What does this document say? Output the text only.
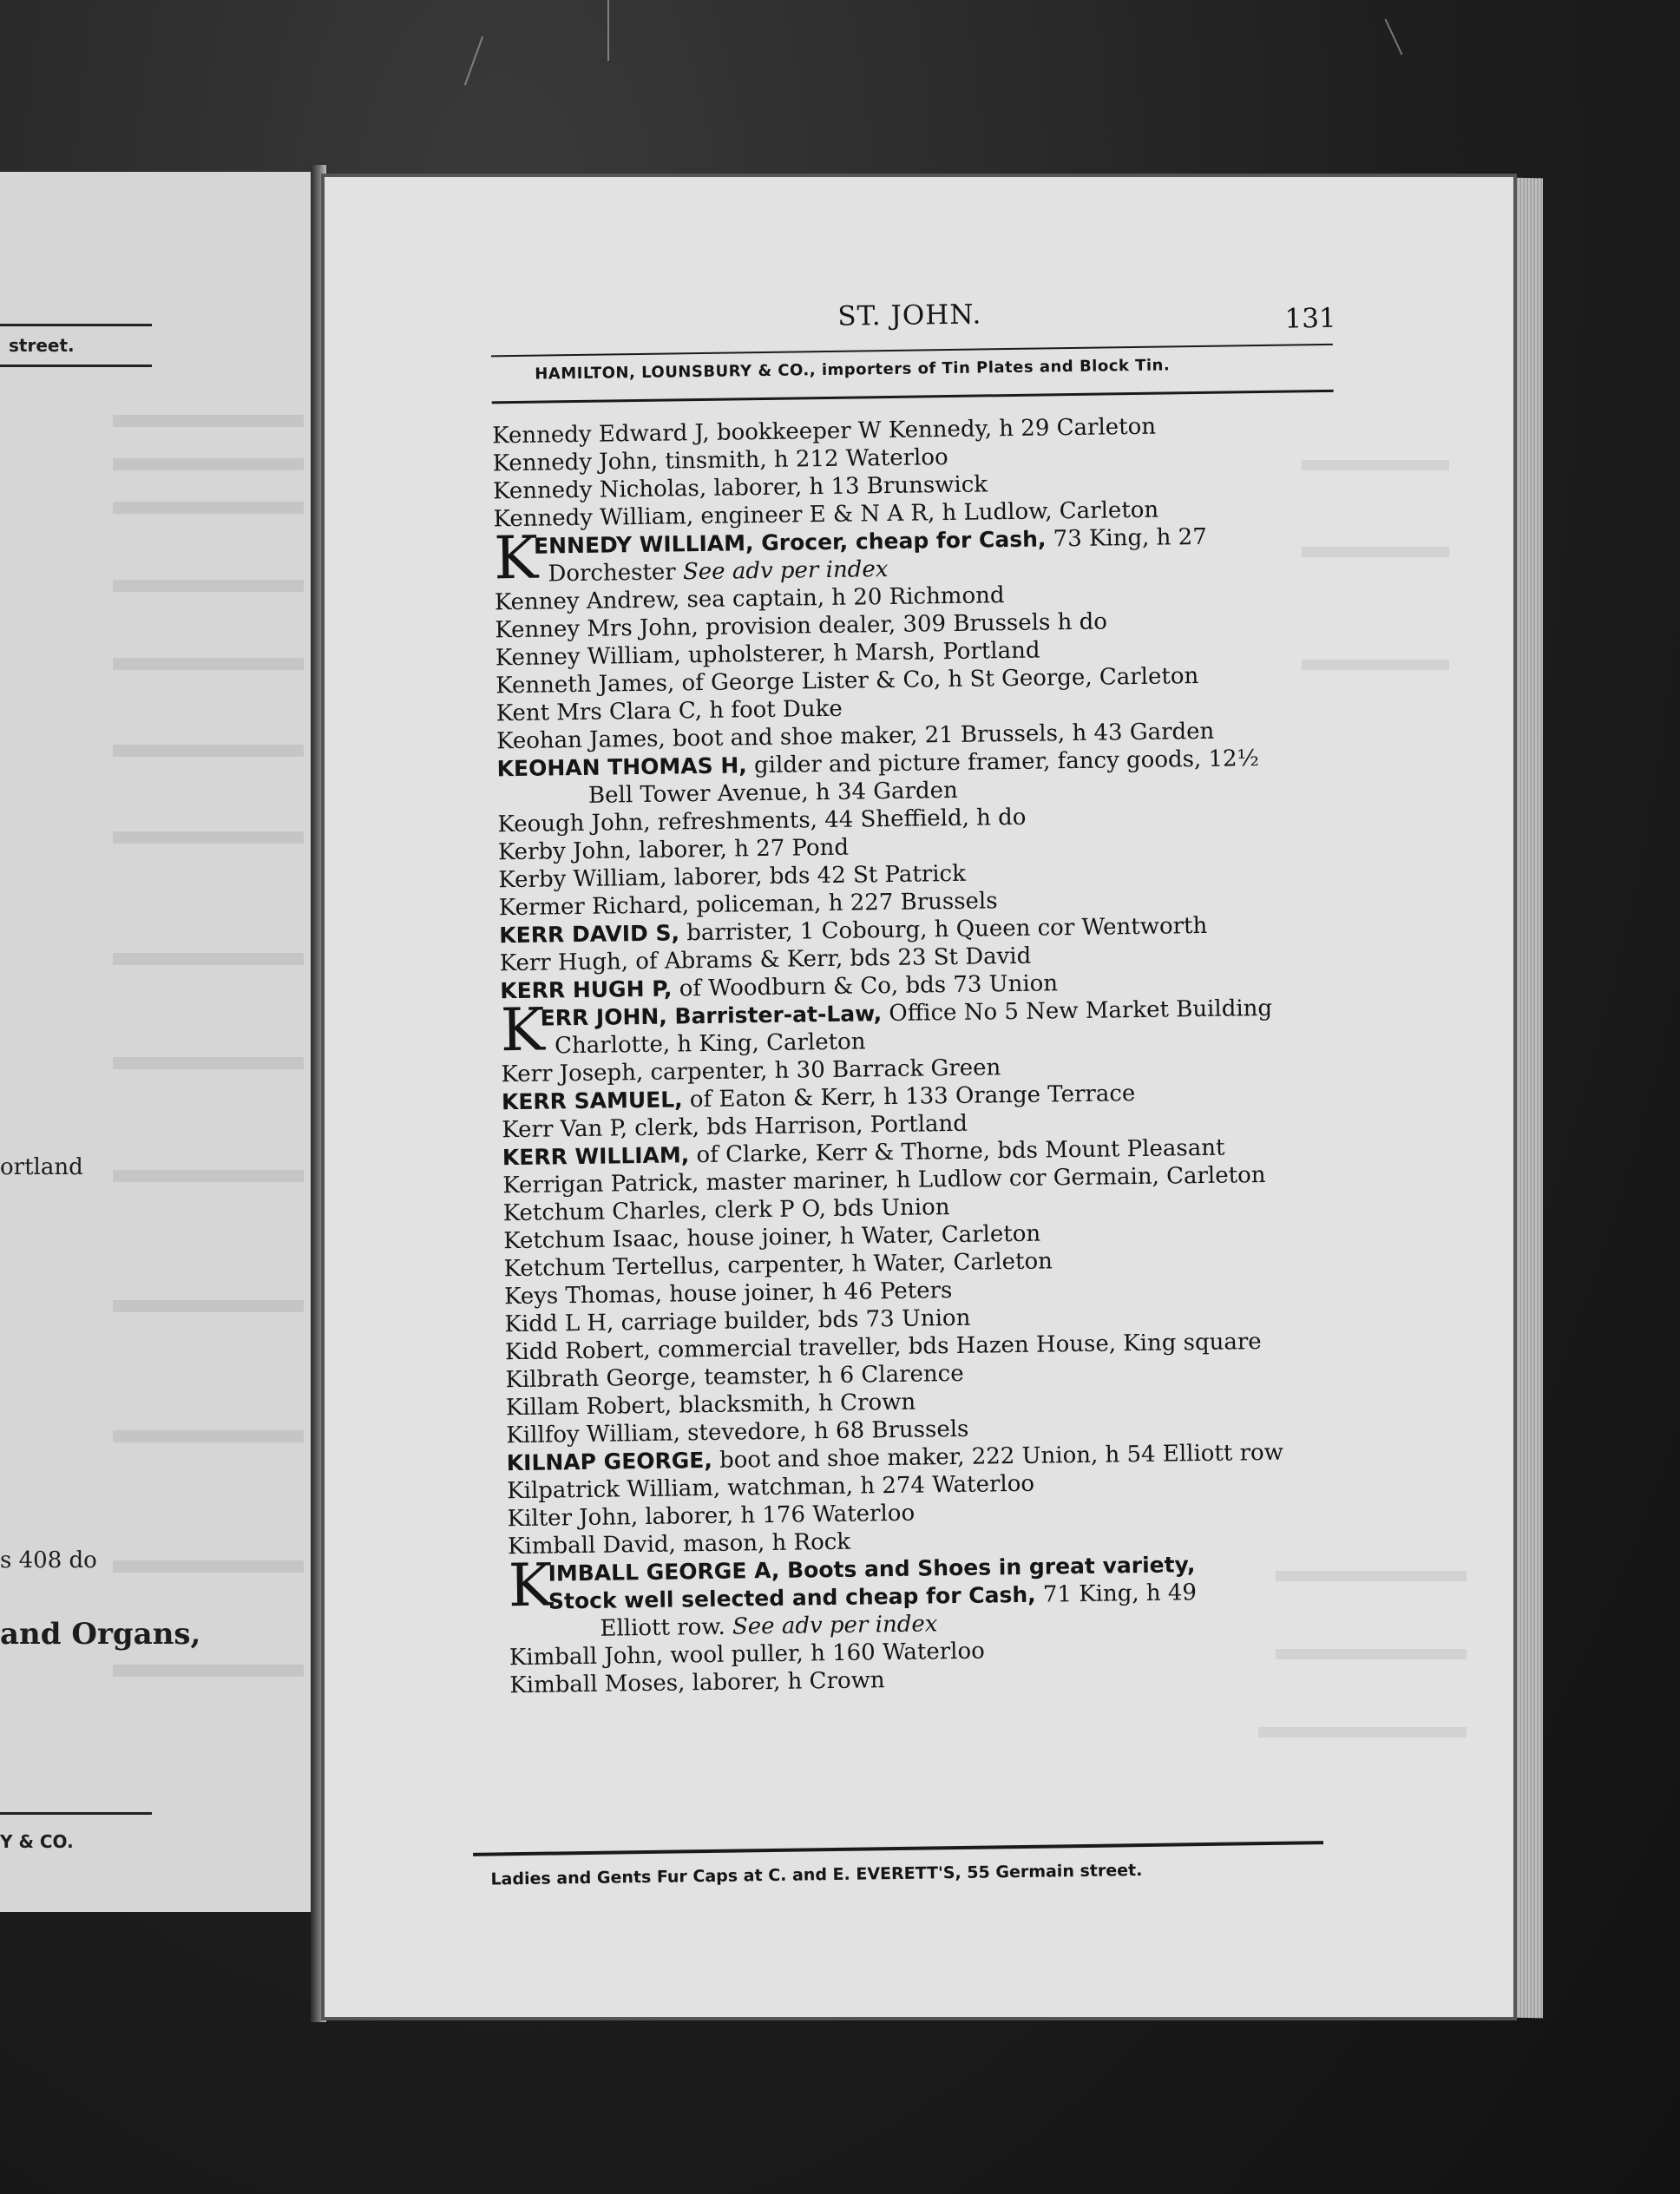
street.
ortland
s 408 do
and Organs,
Y & CO.
ST. JOHN.	131
HAMILTON, LOUNSBURY & CO., importers of Tin Plates and Block Tin.
Kennedy Edward J, bookkeeper W Kennedy, h 29 Carleton
Kennedy John, tinsmith, h 212 Waterloo
Kennedy Nicholas, laborer, h 13 Brunswick
Kennedy William, engineer E & N A R, h Ludlow, Carleton
K
ENNEDY WILLIAM, Grocer, cheap for Cash, 73 King, h 27
Dorchester See adv per index
Kenney Andrew, sea captain, h 20 Richmond
Kenney Mrs John, provision dealer, 309 Brussels h do
Kenney William, upholsterer, h Marsh, Portland
Kenneth James, of George Lister & Co, h St George, Carleton
Kent Mrs Clara C, h foot Duke
Keohan James, boot and shoe maker, 21 Brussels, h 43 Garden
KEOHAN THOMAS H, gilder and picture framer, fancy goods, 12½
Bell Tower Avenue, h 34 Garden
Keough John, refreshments, 44 Sheffield, h do
Kerby John, laborer, h 27 Pond
Kerby William, laborer, bds 42 St Patrick
Kermer Richard, policeman, h 227 Brussels
KERR DAVID S, barrister, 1 Cobourg, h Queen cor Wentworth
Kerr Hugh, of Abrams & Kerr, bds 23 St David
KERR HUGH P, of Woodburn & Co, bds 73 Union
K
ERR JOHN, Barrister-at-Law, Office No 5 New Market Building
Charlotte, h King, Carleton
Kerr Joseph, carpenter, h 30 Barrack Green
KERR SAMUEL, of Eaton & Kerr, h 133 Orange Terrace
Kerr Van P, clerk, bds Harrison, Portland
KERR WILLIAM, of Clarke, Kerr & Thorne, bds Mount Pleasant
Kerrigan Patrick, master mariner, h Ludlow cor Germain, Carleton
Ketchum Charles, clerk P O, bds Union
Ketchum Isaac, house joiner, h Water, Carleton
Ketchum Tertellus, carpenter, h Water, Carleton
Keys Thomas, house joiner, h 46 Peters
Kidd L H, carriage builder, bds 73 Union
Kidd Robert, commercial traveller, bds Hazen House, King square
Kilbrath George, teamster, h 6 Clarence
Killam Robert, blacksmith, h Crown
Killfoy William, stevedore, h 68 Brussels
KILNAP GEORGE, boot and shoe maker, 222 Union, h 54 Elliott row
Kilpatrick William, watchman, h 274 Waterloo
Kilter John, laborer, h 176 Waterloo
Kimball David, mason, h Rock
K
IMBALL GEORGE A, Boots and Shoes in great variety,
Stock well selected and cheap for Cash, 71 King, h 49
Elliott row. See adv per index
Kimball John, wool puller, h 160 Waterloo
Kimball Moses, laborer, h Crown
Ladies and Gents Fur Caps at C. and E. EVERETT'S, 55 Germain street.
